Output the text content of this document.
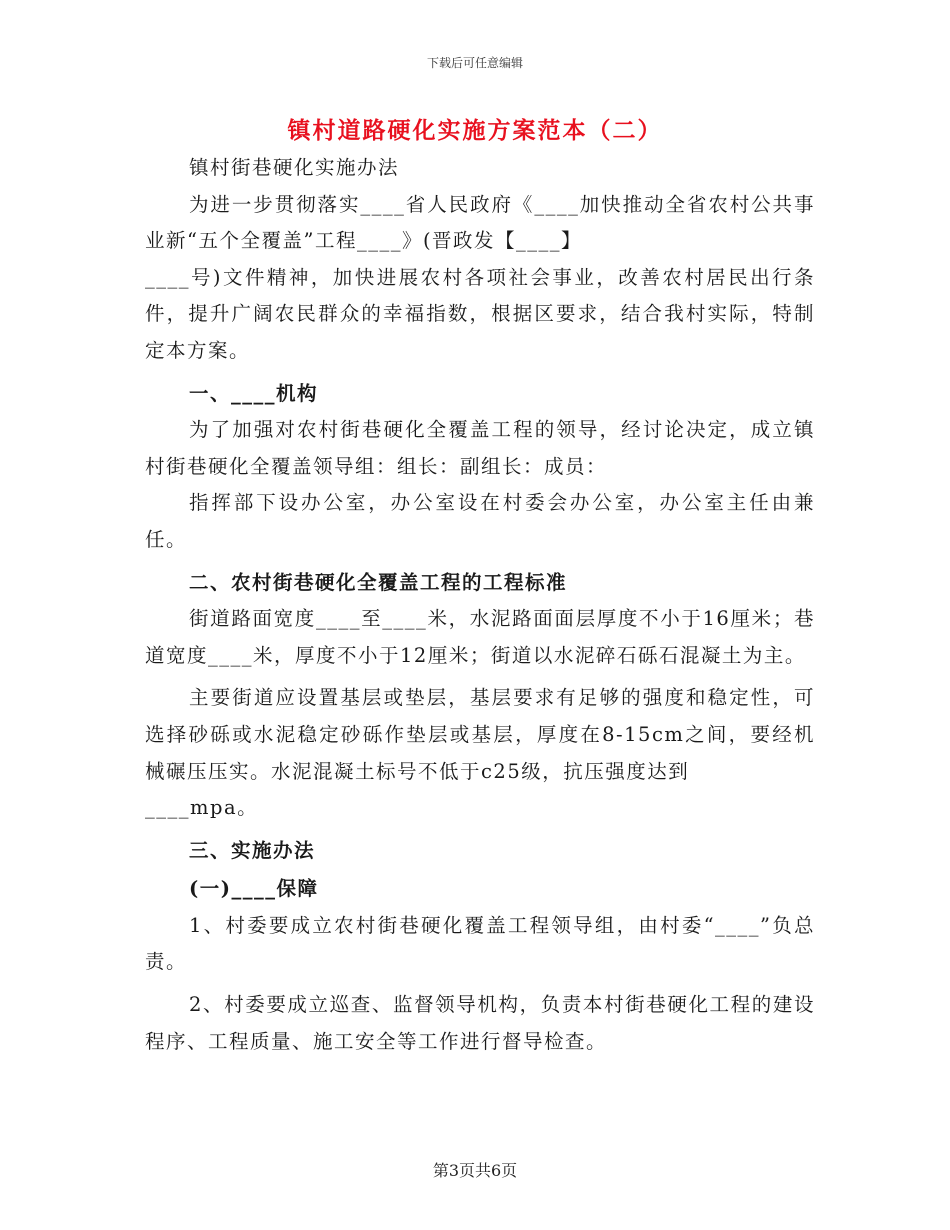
下载后可任意编辑
镇村道路硬化实施方案范本（二）

镇村街巷硬化实施办法

为进一步贯彻落实____省人民政府《____加快推动全省农村公共事业新“五个全覆盖”工程____》(晋政发【____】

____号)文件精神，加快进展农村各项社会事业，改善农村居民出行条件，提升广阔农民群众的幸福指数，根据区要求，结合我村实际，特制定本方案。

一、____机构

为了加强对农村街巷硬化全覆盖工程的领导，经讨论决定，成立镇村街巷硬化全覆盖领导组：组长：副组长：成员：

指挥部下设办公室，办公室设在村委会办公室，办公室主任由兼任。

二、农村街巷硬化全覆盖工程的工程标准

街道路面宽度____至____米，水泥路面面层厚度不小于16厘米；巷道宽度____米，厚度不小于12厘米；街道以水泥碎石砾石混凝土为主。

主要街道应设置基层或垫层，基层要求有足够的强度和稳定性，可选择砂砾或水泥稳定砂砾作垫层或基层，厚度在8-15cm之间，要经机械碾压压实。水泥混凝土标号不低于c25级，抗压强度达到

____mpa。

三、实施办法

(一)____保障

1、村委要成立农村街巷硬化覆盖工程领导组，由村委“____”负总责。

2、村委要成立巡查、监督领导机构，负责本村街巷硬化工程的建设程序、工程质量、施工安全等工作进行督导检查。

第3页共6页
